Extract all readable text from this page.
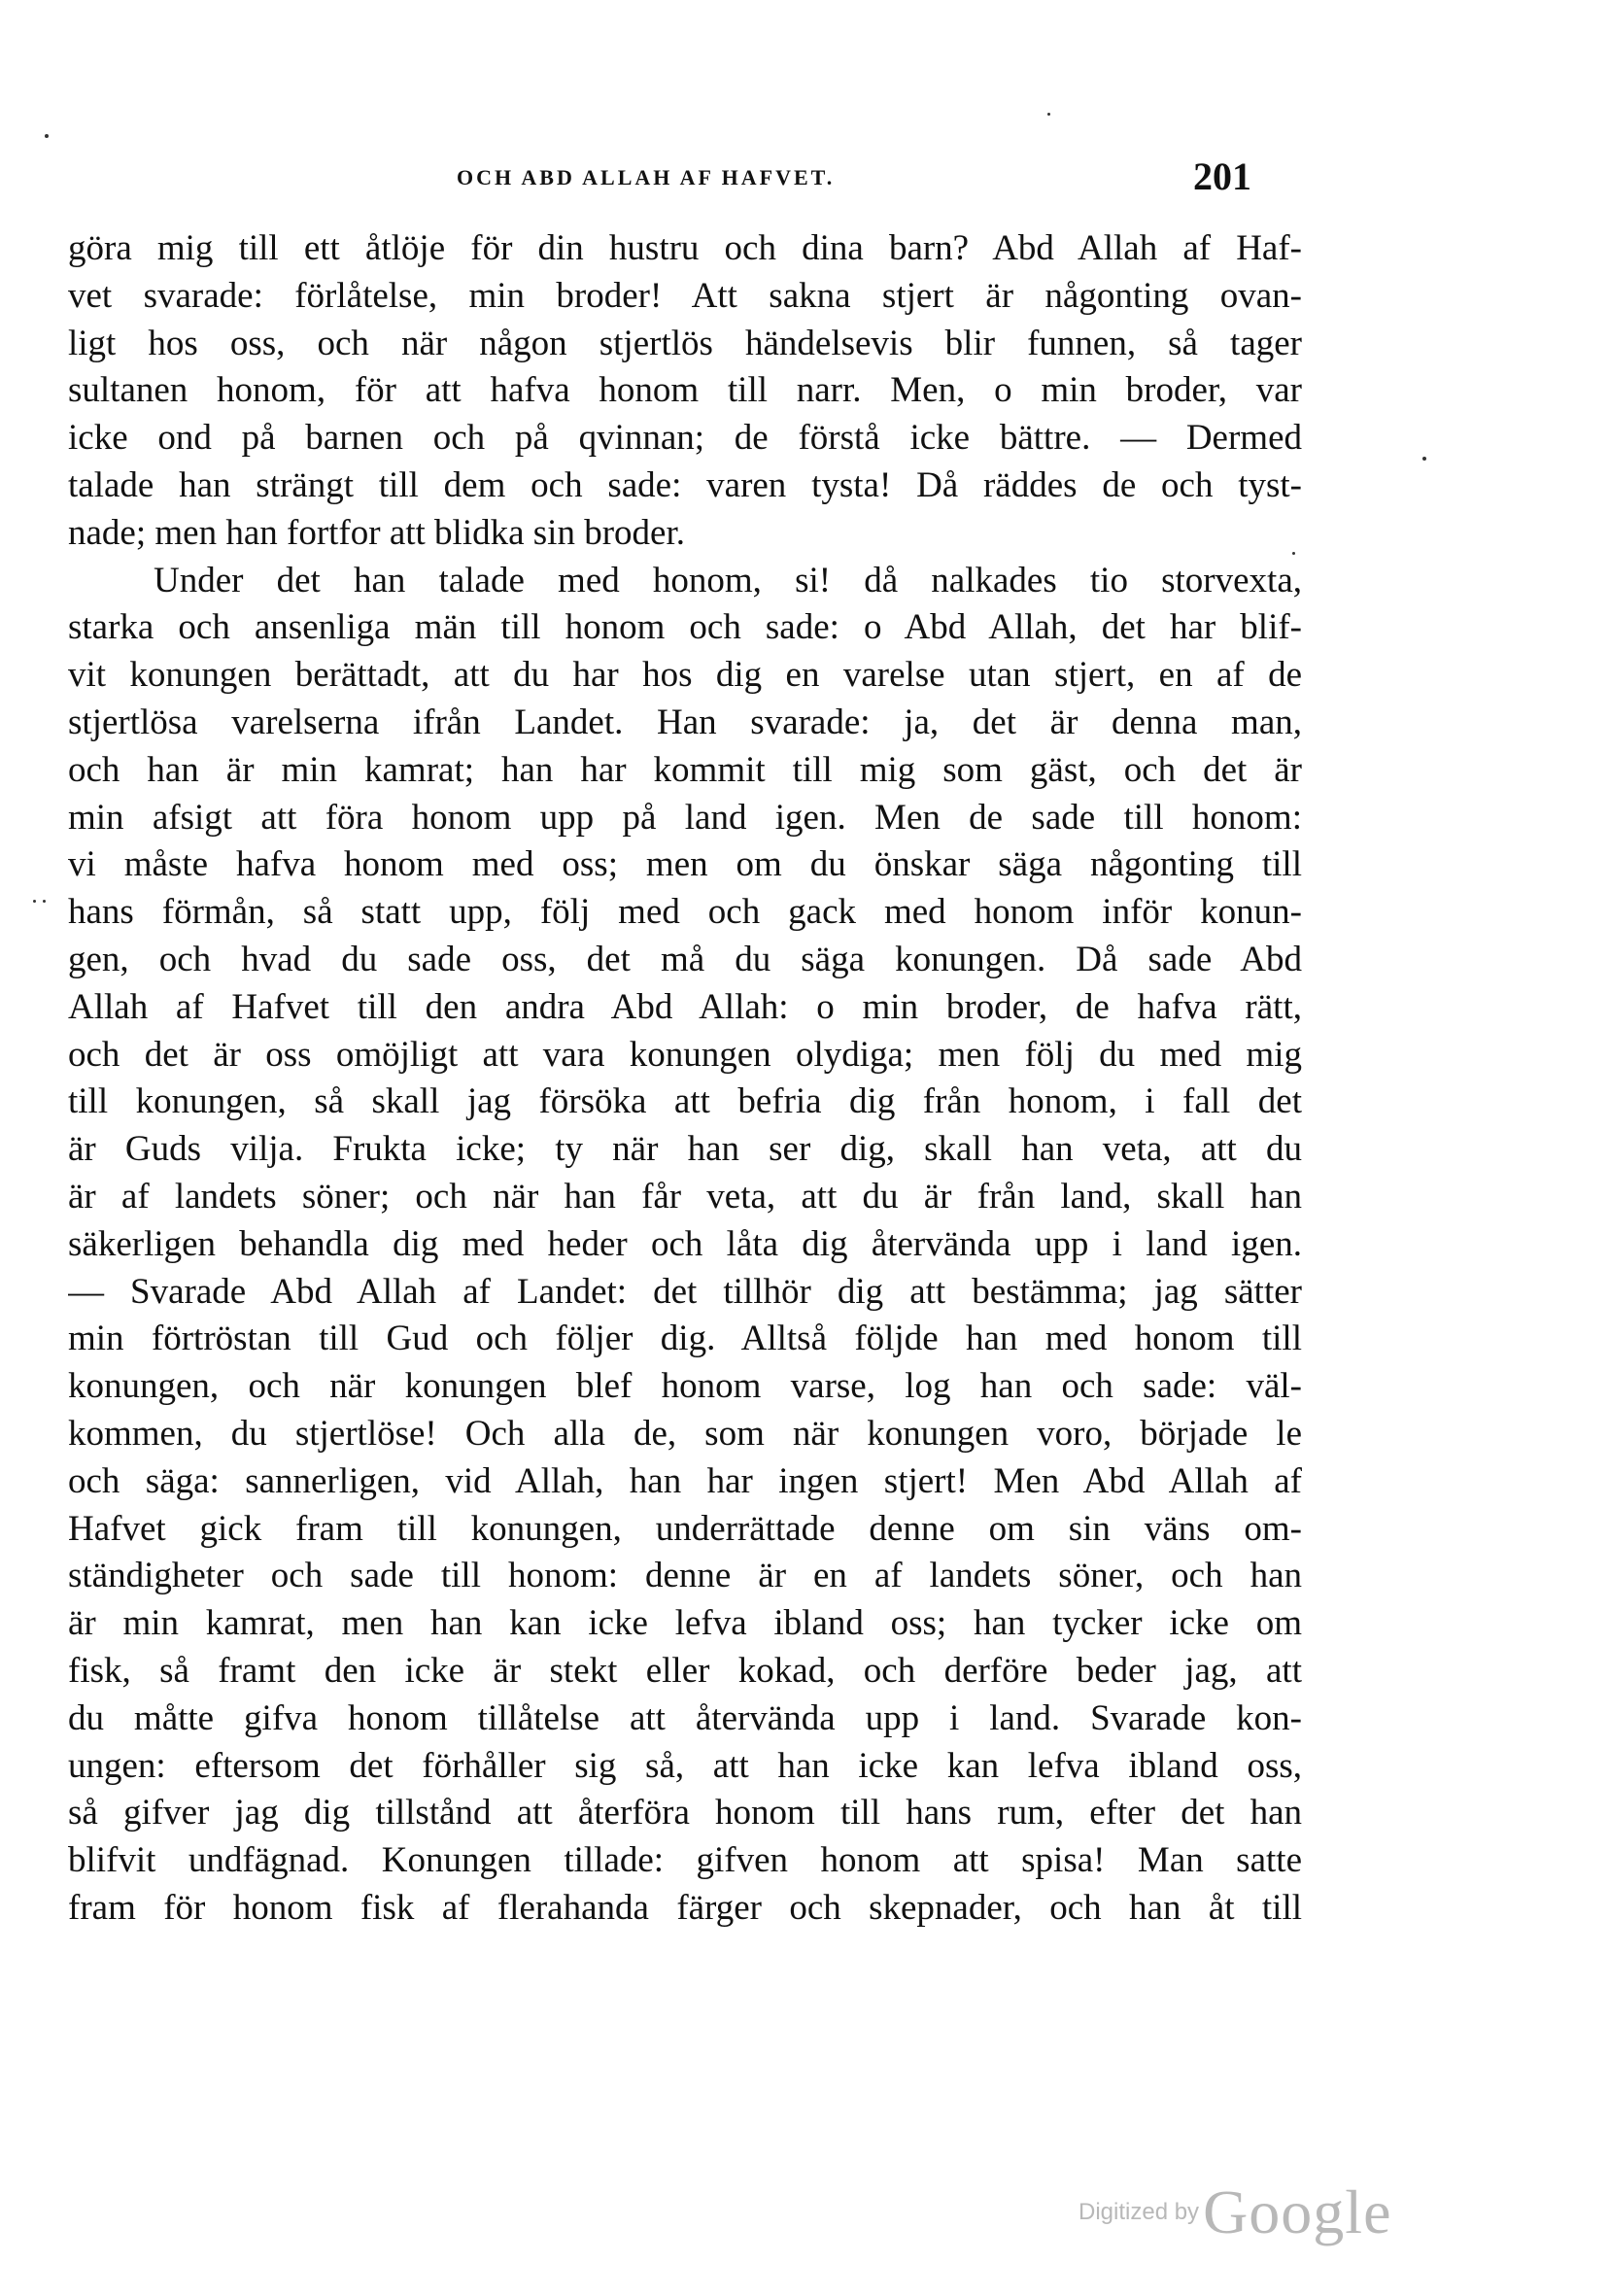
OCH ABD ALLAH AF HAFVET.	201
göra mig till ett åtlöje för din hustru och dina barn? Abd Allah af Haf-
vet svarade: förlåtelse, min broder! Att sakna stjert är någonting ovan-
ligt hos oss, och när någon stjertlös händelsevis blir funnen, så tager
sultanen honom, för att hafva honom till narr. Men, o min broder, var
icke ond på barnen och på qvinnan; de förstå icke bättre. — Dermed
talade han strängt till dem och sade: varen tysta! Då räddes de och tyst-
nade; men han fortfor att blidka sin broder.
Under det han talade med honom, si! då nalkades tio storvexta,
starka och ansenliga män till honom och sade: o Abd Allah, det har blif-
vit konungen berättadt, att du har hos dig en varelse utan stjert, en af de
stjertlösa varelserna ifrån Landet. Han svarade: ja, det är denna man,
och han är min kamrat; han har kommit till mig som gäst, och det är
min afsigt att föra honom upp på land igen. Men de sade till honom:
vi måste hafva honom med oss; men om du önskar säga någonting till
hans förmån, så statt upp, följ med och gack med honom inför konun-
gen, och hvad du sade oss, det må du säga konungen. Då sade Abd
Allah af Hafvet till den andra Abd Allah: o min broder, de hafva rätt,
och det är oss omöjligt att vara konungen olydiga; men följ du med mig
till konungen, så skall jag försöka att befria dig från honom, i fall det
är Guds vilja. Frukta icke; ty när han ser dig, skall han veta, att du
är af landets söner; och när han får veta, att du är från land, skall han
säkerligen behandla dig med heder och låta dig återvända upp i land igen.
— Svarade Abd Allah af Landet: det tillhör dig att bestämma; jag sätter
min förtröstan till Gud och följer dig. Alltså följde han med honom till
konungen, och när konungen blef honom varse, log han och sade: väl-
kommen, du stjertlöse! Och alla de, som när konungen voro, började le
och säga: sannerligen, vid Allah, han har ingen stjert! Men Abd Allah af
Hafvet gick fram till konungen, underrättade denne om sin väns om-
ständigheter och sade till honom: denne är en af landets söner, och han
är min kamrat, men han kan icke lefva ibland oss; han tycker icke om
fisk, så framt den icke är stekt eller kokad, och derföre beder jag, att
du måtte gifva honom tillåtelse att återvända upp i land. Svarade kon-
ungen: eftersom det förhåller sig så, att han icke kan lefva ibland oss,
så gifver jag dig tillstånd att återföra honom till hans rum, efter det han
blifvit undfägnad. Konungen tillade: gifven honom att spisa! Man satte
fram för honom fisk af flerahanda färger och skepnader, och han åt till
Digitized by Google
